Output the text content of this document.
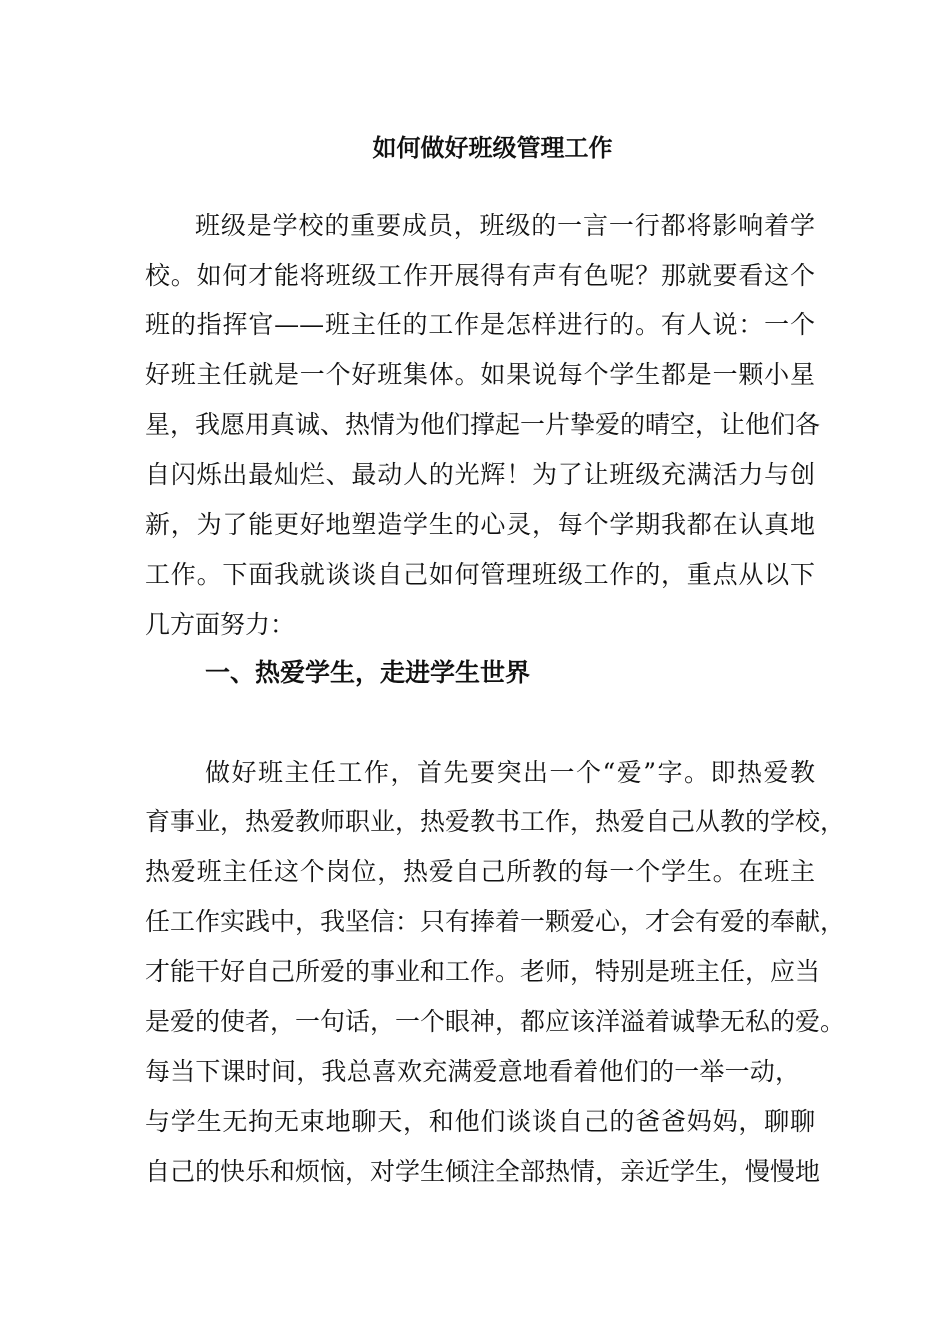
如何做好班级管理工作
班级是学校的重要成员，班级的一言一行都将影响着学
校。如何才能将班级工作开展得有声有色呢？那就要看这个
班的指挥官——班主任的工作是怎样进行的。有人说：一个
好班主任就是一个好班集体。如果说每个学生都是一颗小星
星，我愿用真诚、热情为他们撑起一片挚爱的晴空，让他们各
自闪烁出最灿烂、最动人的光辉！为了让班级充满活力与创
新，为了能更好地塑造学生的心灵，每个学期我都在认真地
工作。下面我就谈谈自己如何管理班级工作的，重点从以下
几方面努力：
一、热爱学生，走进学生世界
做好班主任工作，首先要突出一个“爱”字。即热爱教
育事业，热爱教师职业，热爱教书工作，热爱自己从教的学校，
热爱班主任这个岗位，热爱自己所教的每一个学生。在班主
任工作实践中，我坚信：只有捧着一颗爱心，才会有爱的奉献，
才能干好自己所爱的事业和工作。老师，特别是班主任，应当
是爱的使者，一句话，一个眼神，都应该洋溢着诚挚无私的爱。
每当下课时间，我总喜欢充满爱意地看着他们的一举一动，
与学生无拘无束地聊天，和他们谈谈自己的爸爸妈妈，聊聊
自己的快乐和烦恼，对学生倾注全部热情，亲近学生，慢慢地
